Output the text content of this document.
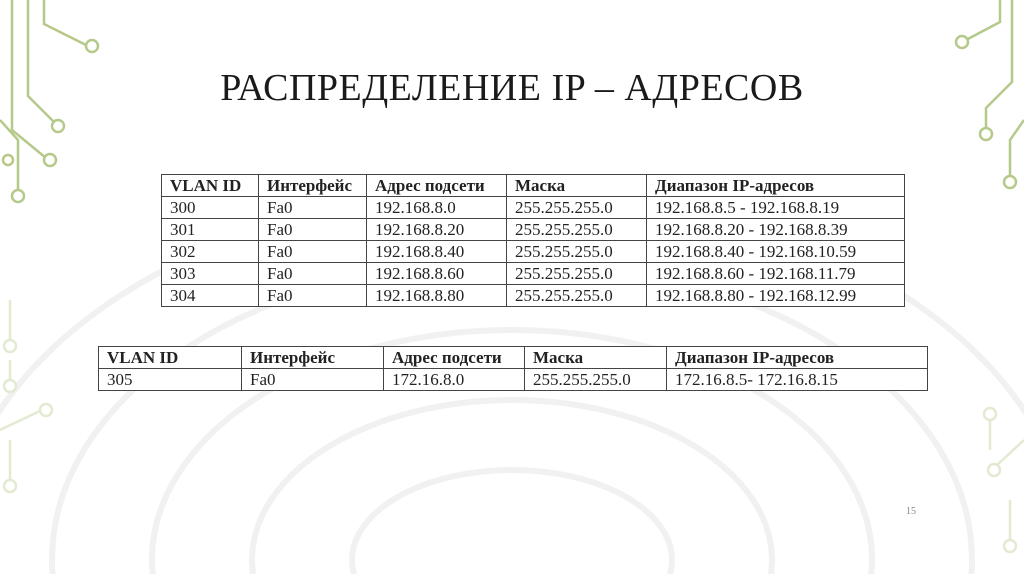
РАСПРЕДЕЛЕНИЕ IP – АДРЕСОВ
VLAN ID	Интерфейс	Адрес подсети	Маска	Диапазон IP-адресов
300	Fa0	192.168.8.0	255.255.255.0	192.168.8.5 - 192.168.8.19
301	Fa0	192.168.8.20	255.255.255.0	192.168.8.20 - 192.168.8.39
302	Fa0	192.168.8.40	255.255.255.0	192.168.8.40 - 192.168.10.59
303	Fa0	192.168.8.60	255.255.255.0	192.168.8.60 - 192.168.11.79
304	Fa0	192.168.8.80	255.255.255.0	192.168.8.80 - 192.168.12.99
VLAN ID	Интерфейс	Адрес подсети	Маска	Диапазон IP-адресов
305	Fa0	172.16.8.0	255.255.255.0	172.16.8.5- 172.16.8.15
15
